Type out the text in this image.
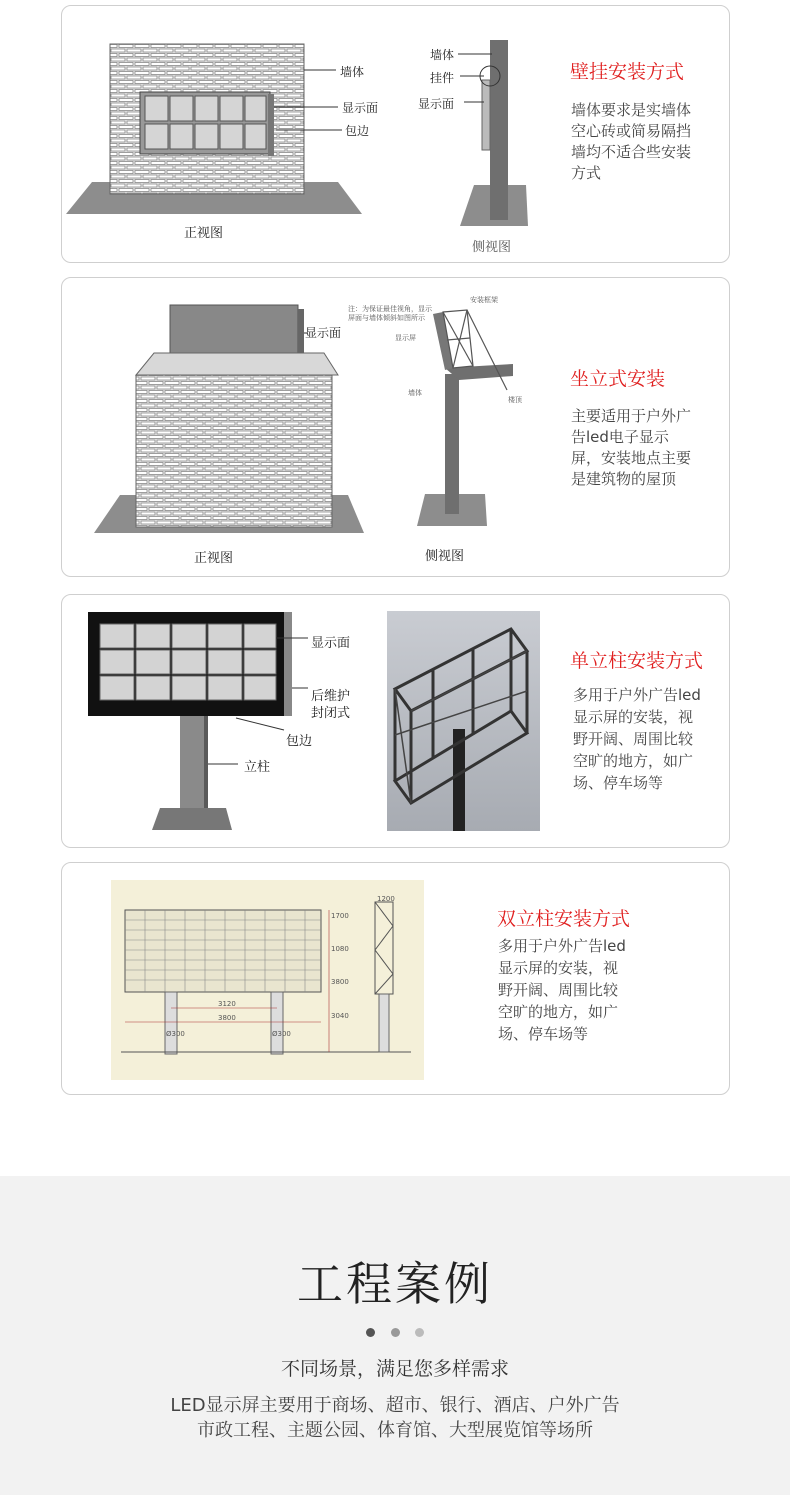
墙体
显示面
包边
正视图
墙体
挂件
显示面
侧视图
壁挂安装方式
墙体要求是实墙体
空心砖或简易隔挡
墙均不适合些安装
方式
显示面
正视图
注：为保证最佳视角，显示
屏面与墙体倾斜如图所示
显示屏
安装框架
墙体
楼顶
侧视图
坐立式安装
主要适用于户外广
告led电子显示
屏，安装地点主要
是建筑物的屋顶
显示面
后维护
封闭式
包边
立柱
单立柱安装方式
多用于户外广告led
显示屏的安装，视
野开阔、周围比较
空旷的地方，如广
场、停车场等
3120
3800
1700
1080
3800
3040
1200
Ø300	Ø300
双立柱安装方式
多用于户外广告led
显示屏的安装，视
野开阔、周围比较
空旷的地方，如广
场、停车场等
工程案例

不同场景，满足您多样需求
LED显示屏主要用于商场、超市、银行、酒店、户外广告
市政工程、主题公园、体育馆、大型展览馆等场所
